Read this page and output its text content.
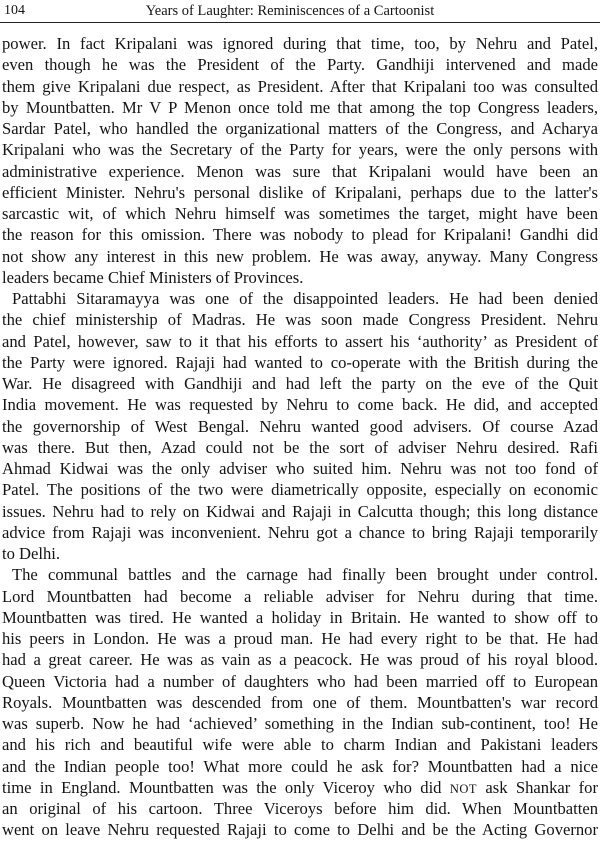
104	Years of Laughter: Reminiscences of a Cartoonist
power. In fact Kripalani was ignored during that time, too, by Nehru and Patel,
even though he was the President of the Party. Gandhiji intervened and made
them give Kripalani due respect, as President. After that Kripalani too was consulted
by Mountbatten. Mr V P Menon once told me that among the top Congress leaders,
Sardar Patel, who handled the organizational matters of the Congress, and Acharya
Kripalani who was the Secretary of the Party for years, were the only persons with
administrative experience. Menon was sure that Kripalani would have been an
efficient Minister. Nehru's personal dislike of Kripalani, perhaps due to the latter's
sarcastic wit, of which Nehru himself was sometimes the target, might have been
the reason for this omission. There was nobody to plead for Kripalani! Gandhi did
not show any interest in this new problem. He was away, anyway. Many Congress
leaders became Chief Ministers of Provinces.
Pattabhi Sitaramayya was one of the disappointed leaders. He had been denied
the chief ministership of Madras. He was soon made Congress President. Nehru
and Patel, however, saw to it that his efforts to assert his ‘authority’ as President of
the Party were ignored. Rajaji had wanted to co-operate with the British during the
War. He disagreed with Gandhiji and had left the party on the eve of the Quit
India movement. He was requested by Nehru to come back. He did, and accepted
the governorship of West Bengal. Nehru wanted good advisers. Of course Azad
was there. But then, Azad could not be the sort of adviser Nehru desired. Rafi
Ahmad Kidwai was the only adviser who suited him. Nehru was not too fond of
Patel. The positions of the two were diametrically opposite, especially on economic
issues. Nehru had to rely on Kidwai and Rajaji in Calcutta though; this long distance
advice from Rajaji was inconvenient. Nehru got a chance to bring Rajaji temporarily
to Delhi.
The communal battles and the carnage had finally been brought under control.
Lord Mountbatten had become a reliable adviser for Nehru during that time.
Mountbatten was tired. He wanted a holiday in Britain. He wanted to show off to
his peers in London. He was a proud man. He had every right to be that. He had
had a great career. He was as vain as a peacock. He was proud of his royal blood.
Queen Victoria had a number of daughters who had been married off to European
Royals. Mountbatten was descended from one of them. Mountbatten's war record
was superb. Now he had ‘achieved’ something in the Indian sub-continent, too! He
and his rich and beautiful wife were able to charm Indian and Pakistani leaders
and the Indian people too! What more could he ask for? Mountbatten had a nice
time in England. Mountbatten was the only Viceroy who did NOT ask Shankar for
an original of his cartoon. Three Viceroys before him did. When Mountbatten
went on leave Nehru requested Rajaji to come to Delhi and be the Acting Governor
